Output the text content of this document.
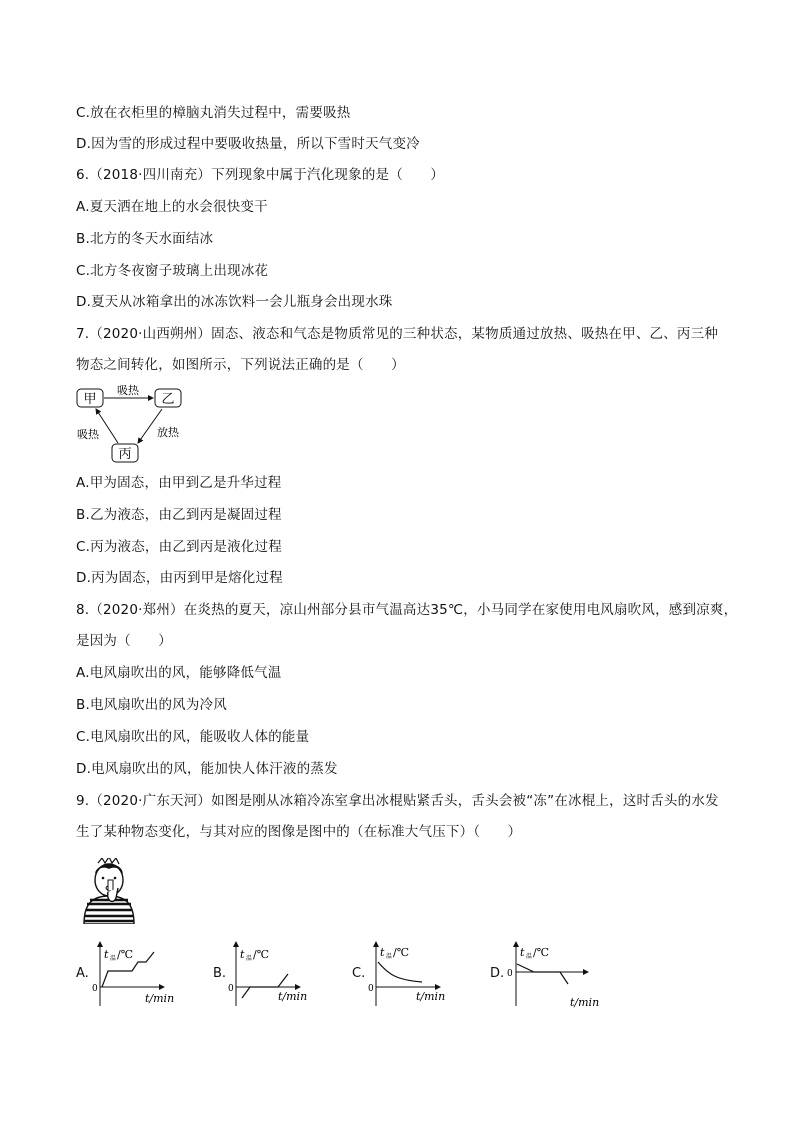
C.放在衣柜里的樟脑丸消失过程中，需要吸热
D.因为雪的形成过程中要吸收热量，所以下雪时天气变冷
6.（2018·四川南充）下列现象中属于汽化现象的是（　　）
A.夏天洒在地上的水会很快变干
B.北方的冬天水面结冰
C.北方冬夜窗子玻璃上出现冰花
D.夏天从冰箱拿出的冰冻饮料一会儿瓶身会出现水珠
7.（2020·山西朔州）固态、液态和气态是物质常见的三种状态，某物质通过放热、吸热在甲、乙、丙三种
物态之间转化，如图所示，下列说法正确的是（　　）
甲	乙
丙
吸热
吸热	放热
A.甲为固态，由甲到乙是升华过程
B.乙为液态，由乙到丙是凝固过程
C.丙为液态，由乙到丙是液化过程
D.丙为固态，由丙到甲是熔化过程
8.（2020·郑州）在炎热的夏天，凉山州部分县市气温高达35℃，小马同学在家使用电风扇吹风，感到凉爽，
是因为（　　）
A.电风扇吹出的风，能够降低气温
B.电风扇吹出的风为冷风
C.电风扇吹出的风，能吸收人体的能量
D.电风扇吹出的风，能加快人体汗液的蒸发
9.（2020·广东天河）如图是刚从冰箱冷冻室拿出冰棍贴紧舌头，舌头会被“冻”在冰棍上，这时舌头的水发
生了某种物态变化，与其对应的图像是图中的（在标准大气压下）（　　）
A.	B.	C.	D.
0
t 温 /℃
t/min
0
t 温 /℃
t/min
0
t 温 /℃
t/min
0
t 温 /℃
t/min
